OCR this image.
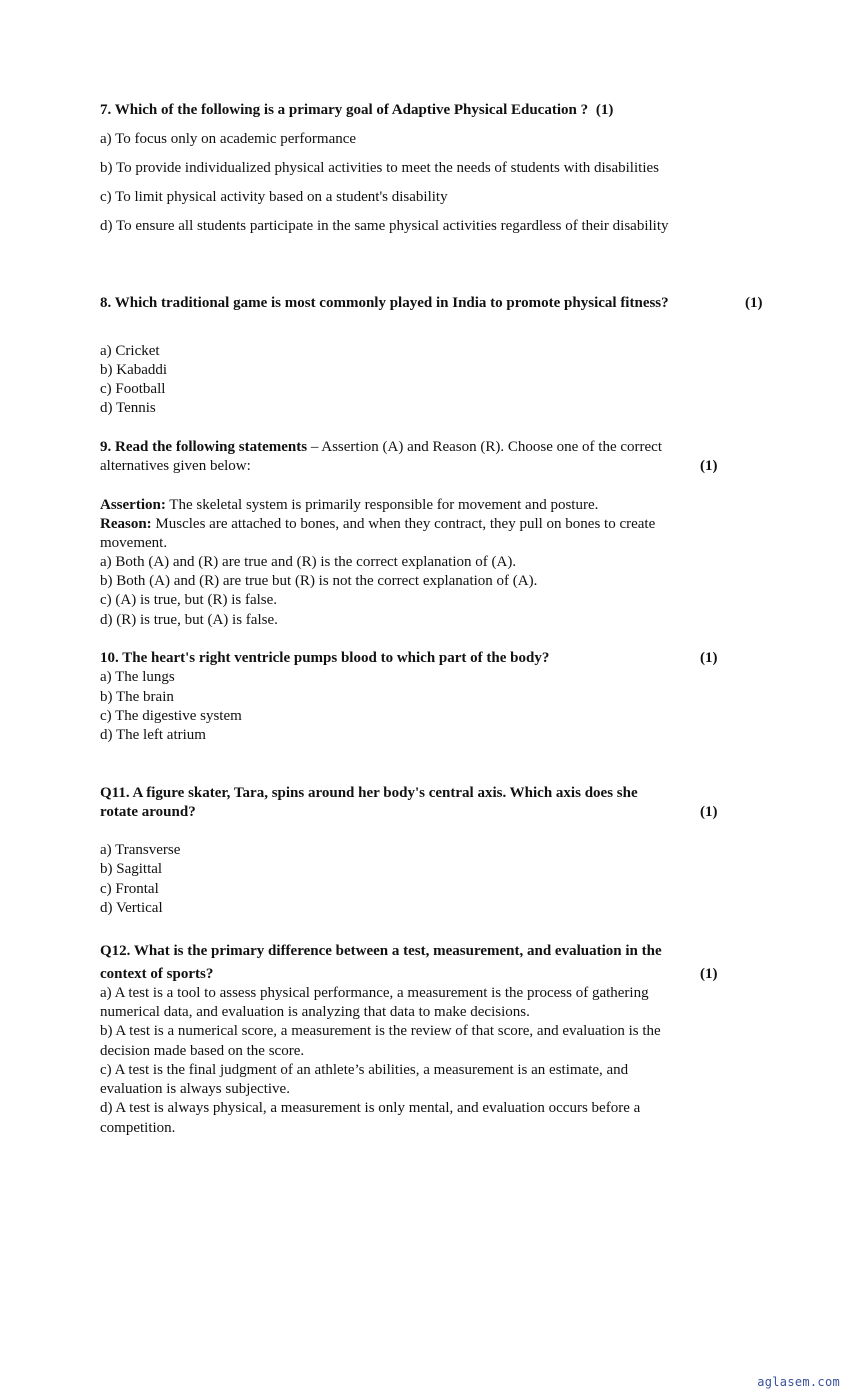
7. Which of the following is a primary goal of Adaptive Physical Education ? (1)
a) To focus only on academic performance
b) To provide individualized physical activities to meet the needs of students with disabilities
c) To limit physical activity based on a student's disability
d) To ensure all students participate in the same physical activities regardless of their disability
8. Which traditional game is most commonly played in India to promote physical fitness?	(1)
a) Cricket
b) Kabaddi
c) Football
d) Tennis
9. Read the following statements – Assertion (A) and Reason (R). Choose one of the correct
alternatives given below:	(1)
Assertion: The skeletal system is primarily responsible for movement and posture.
Reason: Muscles are attached to bones, and when they contract, they pull on bones to create
movement.
a) Both (A) and (R) are true and (R) is the correct explanation of (A).
b) Both (A) and (R) are true but (R) is not the correct explanation of (A).
c) (A) is true, but (R) is false.
d) (R) is true, but (A) is false.
10. The heart's right ventricle pumps blood to which part of the body?	(1)
a) The lungs
b) The brain
c) The digestive system
d) The left atrium
Q11. A figure skater, Tara, spins around her body's central axis. Which axis does she
rotate around?	(1)
a) Transverse
b) Sagittal
c) Frontal
d) Vertical
Q12. What is the primary difference between a test, measurement, and evaluation in the
context of sports?	(1)
a) A test is a tool to assess physical performance, a measurement is the process of gathering
numerical data, and evaluation is analyzing that data to make decisions.
b) A test is a numerical score, a measurement is the review of that score, and evaluation is the
decision made based on the score.
c) A test is the final judgment of an athlete’s abilities, a measurement is an estimate, and
evaluation is always subjective.
d) A test is always physical, a measurement is only mental, and evaluation occurs before a
competition.
aglasem.com
